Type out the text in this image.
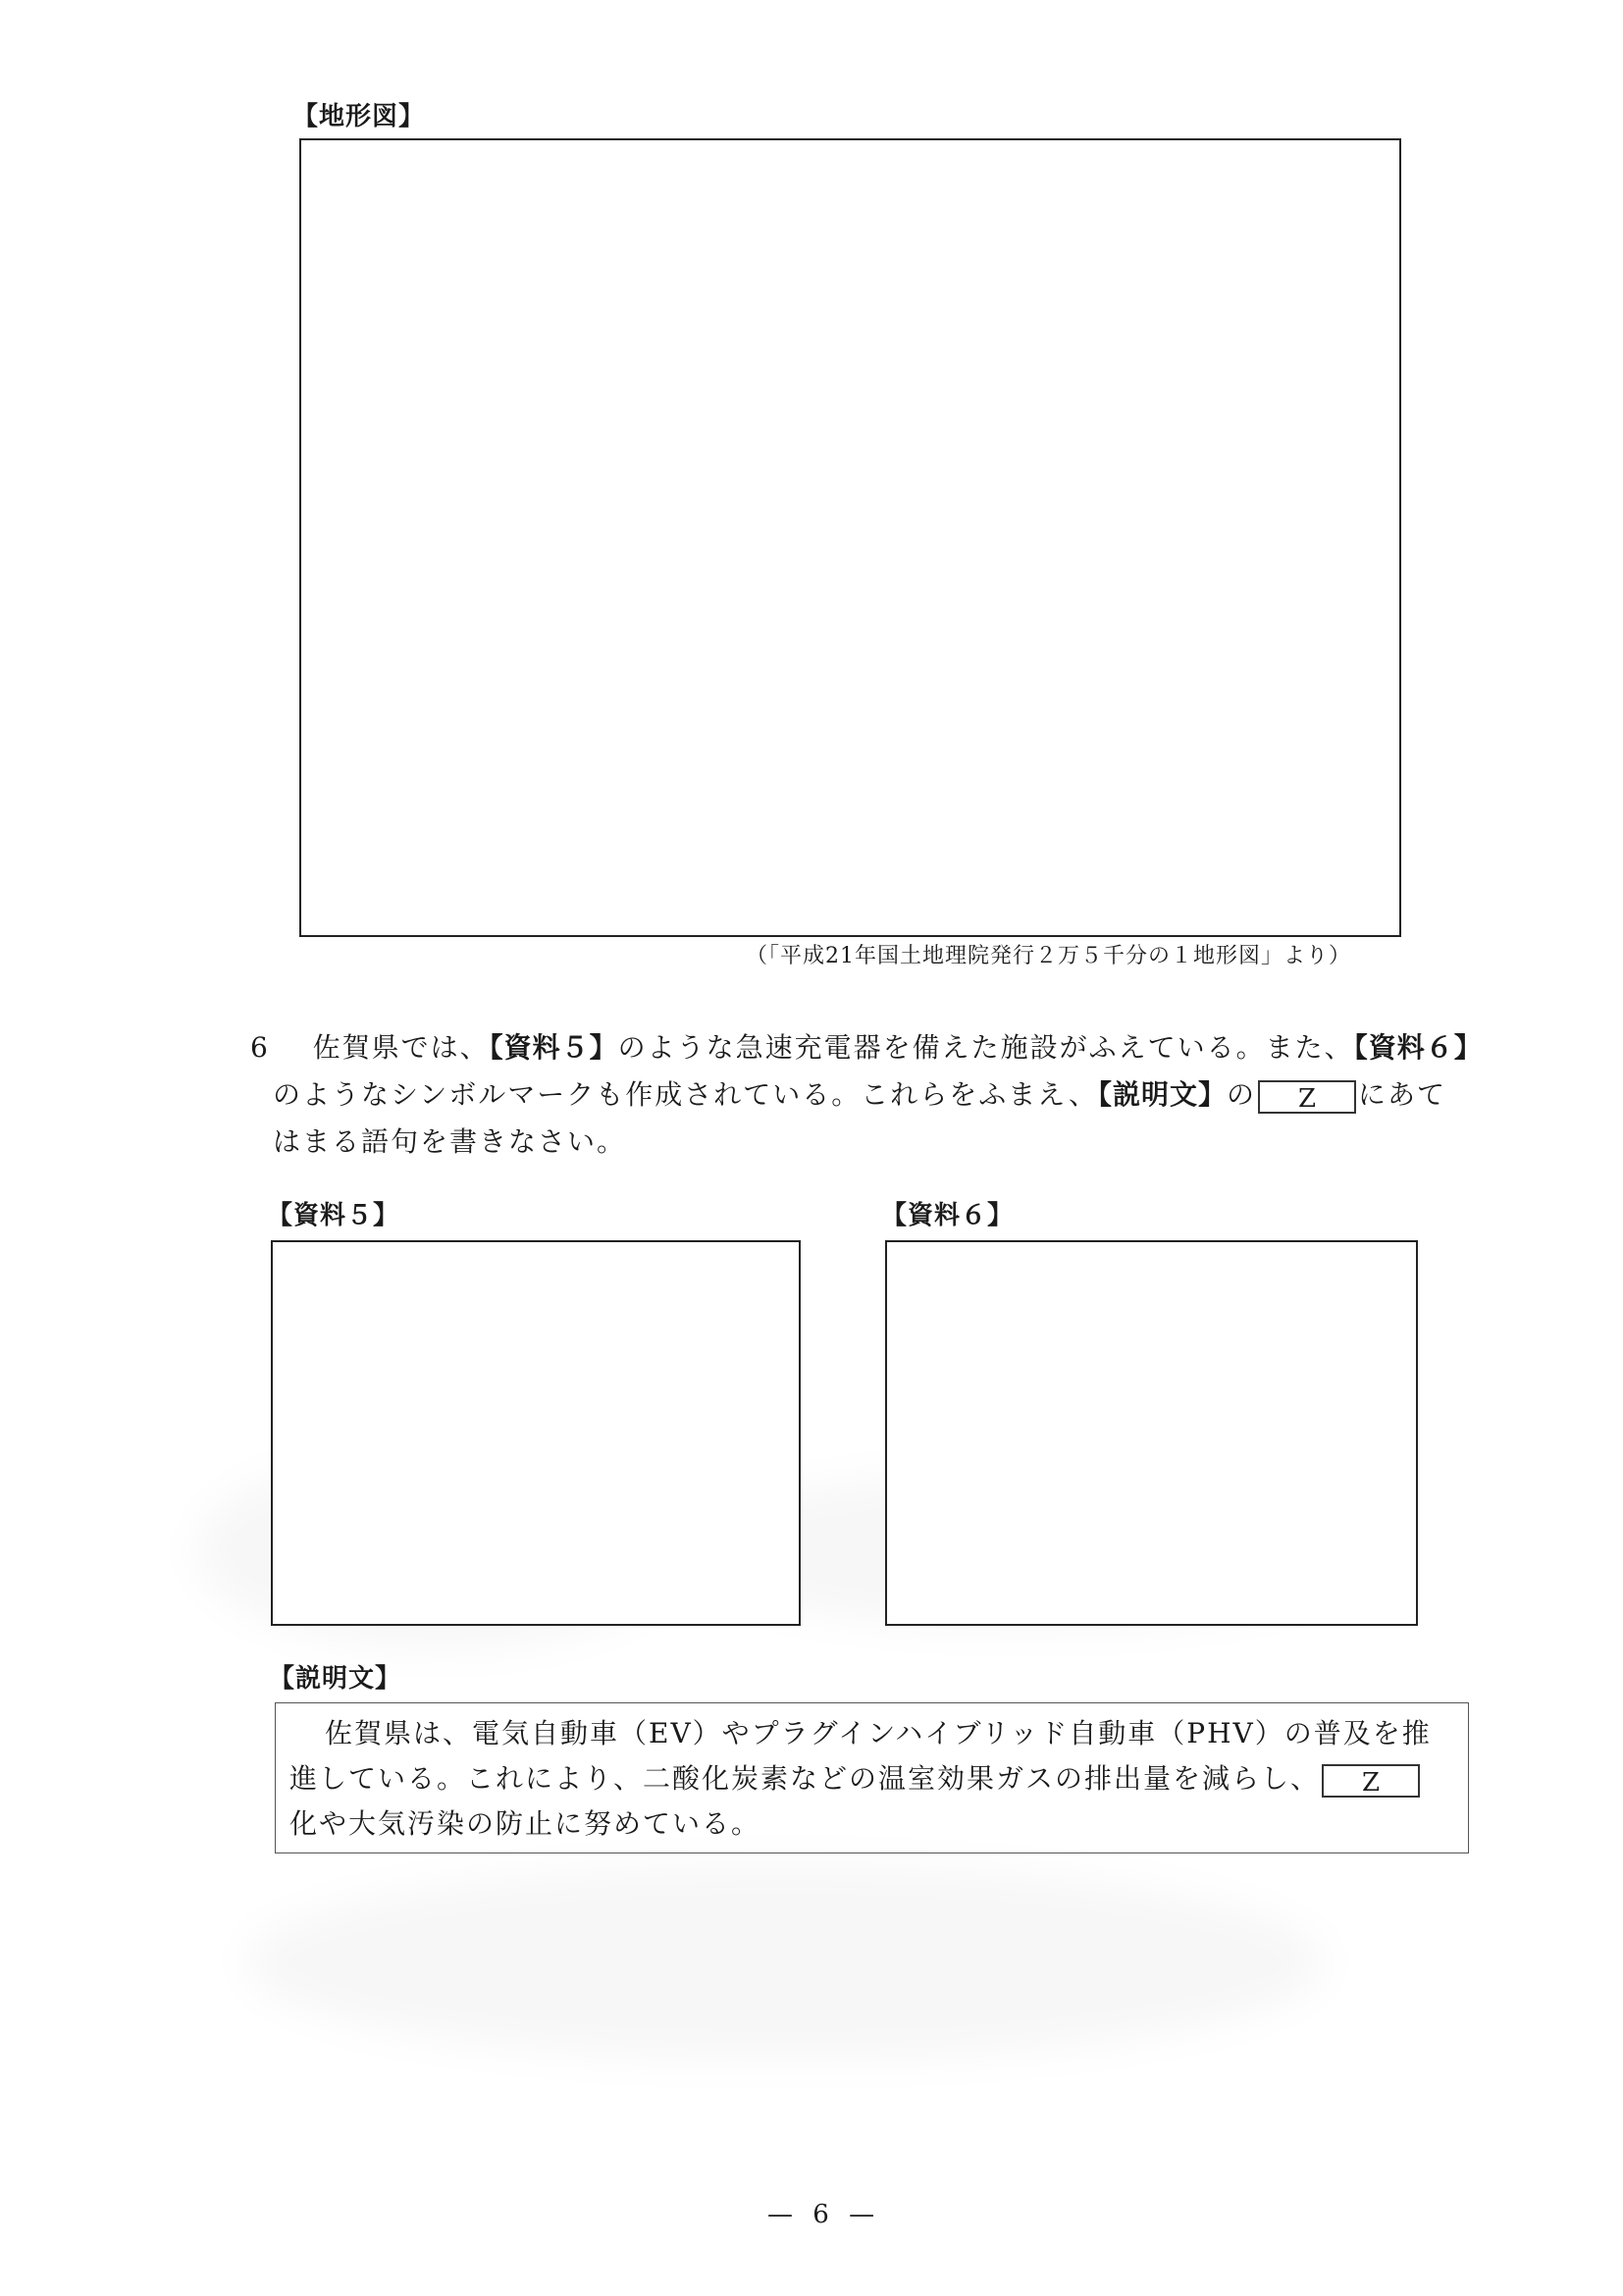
【地形図】
（「平成21年国土地理院発行２万５千分の１地形図」より）
6 佐賀県では、【資料５】のような急速充電器を備えた施設がふえている。また、【資料６】
のようなシンボルマークも作成されている。これらをふまえ、【説明文】の Z にあて
はまる語句を書きなさい。
【資料５】	【資料６】
【説明文】
佐賀県は、電気自動車（EV）やプラグインハイブリッド自動車（PHV）の普及を推
進している。これにより、二酸化炭素などの温室効果ガスの排出量を減らし、 Z
化や大気汚染の防止に努めている。
— 6 —
